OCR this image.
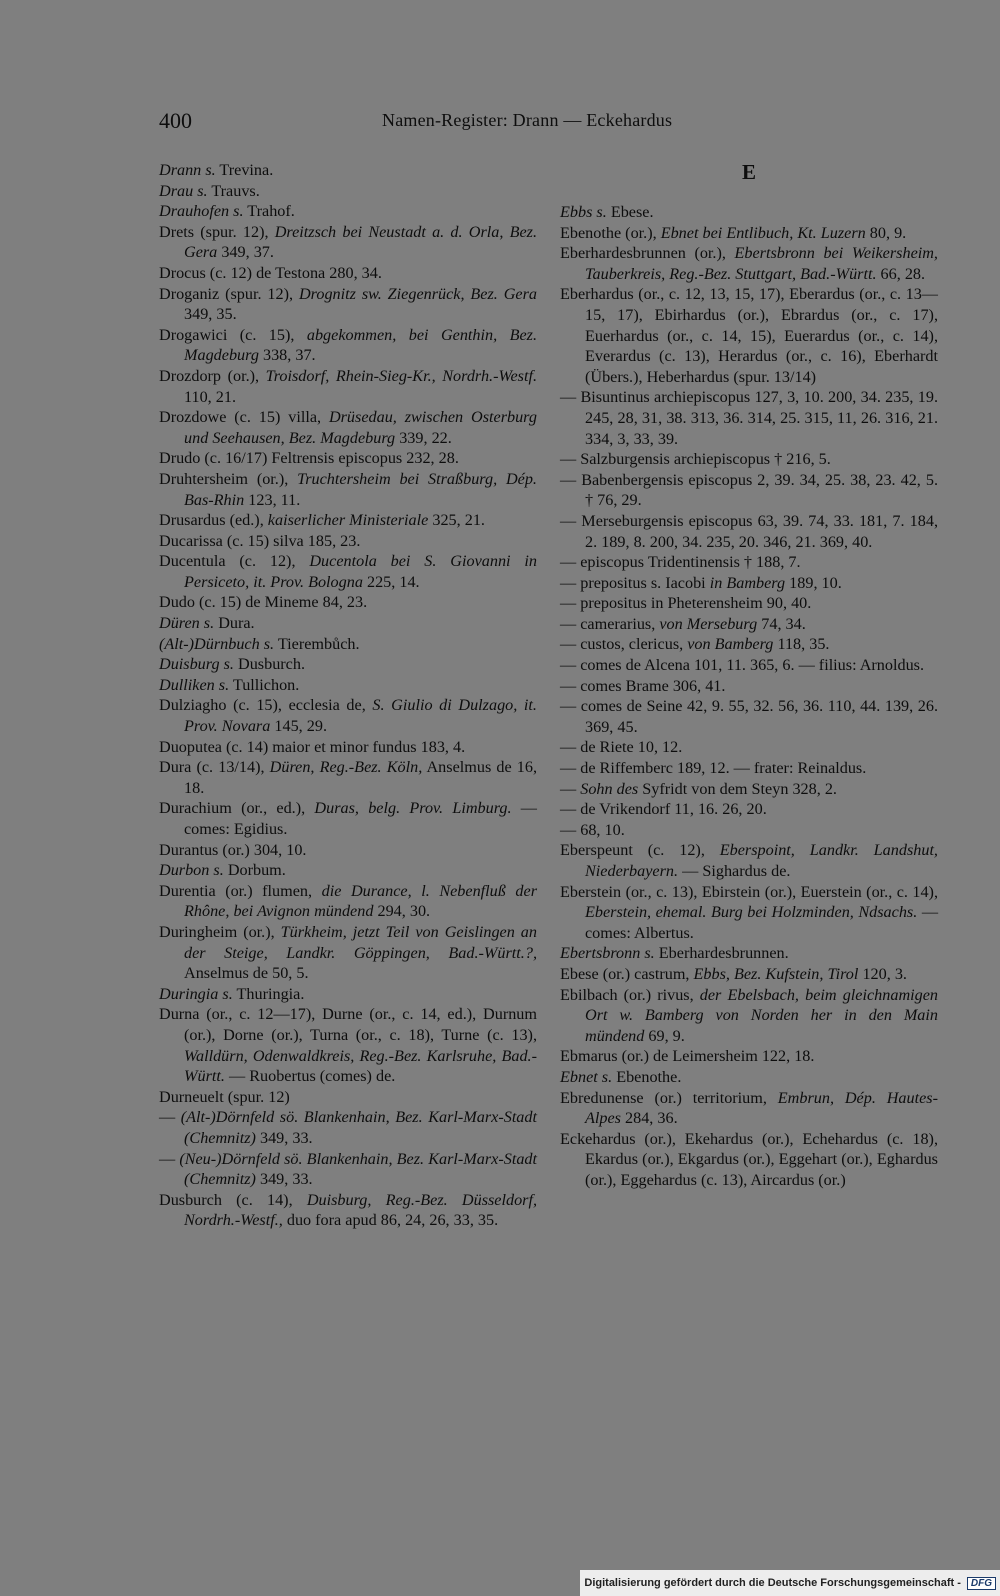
400	Namen-Register: Drann — Eckehardus
Drann s. Trevina.
Drau s. Trauvs.
Drauhofen s. Trahof.
Drets (spur. 12), Dreitzsch bei Neustadt a. d. Orla, Bez. Gera 349, 37.
Drocus (c. 12) de Testona 280, 34.
Droganiz (spur. 12), Drognitz sw. Ziegenrück, Bez. Gera 349, 35.
Drogawici (c. 15), abgekommen, bei Genthin, Bez. Magdeburg 338, 37.
Drozdorp (or.), Troisdorf, Rhein-Sieg-Kr., Nordrh.-Westf. 110, 21.
Drozdowe (c. 15) villa, Drüsedau, zwischen Osterburg und Seehausen, Bez. Magdeburg 339, 22.
Drudo (c. 16/17) Feltrensis episcopus 232, 28.
Druhtersheim (or.), Truchtersheim bei Straßburg, Dép. Bas-Rhin 123, 11.
Drusardus (ed.), kaiserlicher Ministeriale 325, 21.
Ducarissa (c. 15) silva 185, 23.
Ducentula (c. 12), Ducentola bei S. Giovanni in Persiceto, it. Prov. Bologna 225, 14.
Dudo (c. 15) de Mineme 84, 23.
Düren s. Dura.
(Alt-)Dürnbuch s. Tierembůch.
Duisburg s. Dusburch.
Dulliken s. Tullichon.
Dulziagho (c. 15), ecclesia de, S. Giulio di Dulzago, it. Prov. Novara 145, 29.
Duoputea (c. 14) maior et minor fundus 183, 4.
Dura (c. 13/14), Düren, Reg.-Bez. Köln, Anselmus de 16, 18.
Durachium (or., ed.), Duras, belg. Prov. Limburg. — comes: Egidius.
Durantus (or.) 304, 10.
Durbon s. Dorbum.
Durentia (or.) flumen, die Durance, l. Nebenfluß der Rhône, bei Avignon mündend 294, 30.
Duringheim (or.), Türkheim, jetzt Teil von Geislingen an der Steige, Landkr. Göppingen, Bad.-Württ.?, Anselmus de 50, 5.
Duringia s. Thuringia.
Durna (or., c. 12—17), Durne (or., c. 14, ed.), Durnum (or.), Dorne (or.), Turna (or., c. 18), Turne (c. 13), Walldürn, Odenwaldkreis, Reg.-Bez. Karlsruhe, Bad.-Württ. — Ruobertus (comes) de.
Durneuelt (spur. 12)
— (Alt-)Dörnfeld sö. Blankenhain, Bez. Karl-Marx-Stadt (Chemnitz) 349, 33.
— (Neu-)Dörnfeld sö. Blankenhain, Bez. Karl-Marx-Stadt (Chemnitz) 349, 33.
Dusburch (c. 14), Duisburg, Reg.-Bez. Düsseldorf, Nordrh.-Westf., duo fora apud 86, 24, 26, 33, 35.
E
Ebbs s. Ebese.
Ebenothe (or.), Ebnet bei Entlibuch, Kt. Luzern 80, 9.
Eberhardesbrunnen (or.), Ebertsbronn bei Weikersheim, Tauberkreis, Reg.-Bez. Stuttgart, Bad.-Württ. 66, 28.
Eberhardus (or., c. 12, 13, 15, 17), Eberardus (or., c. 13—15, 17), Ebirhardus (or.), Ebrardus (or., c. 17), Euerhardus (or., c. 14, 15), Euerardus (or., c. 14), Everardus (c. 13), Herardus (or., c. 16), Eberhardt (Übers.), Heberhardus (spur. 13/14)
— Bisuntinus archiepiscopus 127, 3, 10. 200, 34. 235, 19. 245, 28, 31, 38. 313, 36. 314, 25. 315, 11, 26. 316, 21. 334, 3, 33, 39.
— Salzburgensis archiepiscopus † 216, 5.
— Babenbergensis episcopus 2, 39. 34, 25. 38, 23. 42, 5. † 76, 29.
— Merseburgensis episcopus 63, 39. 74, 33. 181, 7. 184, 2. 189, 8. 200, 34. 235, 20. 346, 21. 369, 40.
— episcopus Tridentinensis † 188, 7.
— prepositus s. Iacobi in Bamberg 189, 10.
— prepositus in Pheterensheim 90, 40.
— camerarius, von Merseburg 74, 34.
— custos, clericus, von Bamberg 118, 35.
— comes de Alcena 101, 11. 365, 6. — filius: Arnoldus.
— comes Brame 306, 41.
— comes de Seine 42, 9. 55, 32. 56, 36. 110, 44. 139, 26. 369, 45.
— de Riete 10, 12.
— de Riffemberc 189, 12. — frater: Reinaldus.
— Sohn des Syfridt von dem Steyn 328, 2.
— de Vrikendorf 11, 16. 26, 20.
— 68, 10.
Eberspeunt (c. 12), Eberspoint, Landkr. Landshut, Niederbayern. — Sighardus de.
Eberstein (or., c. 13), Ebirstein (or.), Euerstein (or., c. 14), Eberstein, ehemal. Burg bei Holzminden, Ndsachs. — comes: Albertus.
Ebertsbronn s. Eberhardesbrunnen.
Ebese (or.) castrum, Ebbs, Bez. Kufstein, Tirol 120, 3.
Ebilbach (or.) rivus, der Ebelsbach, beim gleichnamigen Ort w. Bamberg von Norden her in den Main mündend 69, 9.
Ebmarus (or.) de Leimersheim 122, 18.
Ebnet s. Ebenothe.
Ebredunense (or.) territorium, Embrun, Dép. Hautes-Alpes 284, 36.
Eckehardus (or.), Ekehardus (or.), Echehardus (c. 18), Ekardus (or.), Ekgardus (or.), Eggehart (or.), Eghardus (or.), Eggehardus (c. 13), Aircardus (or.)
Digitalisierung gefördert durch die Deutsche Forschungsgemeinschaft -	DFG
